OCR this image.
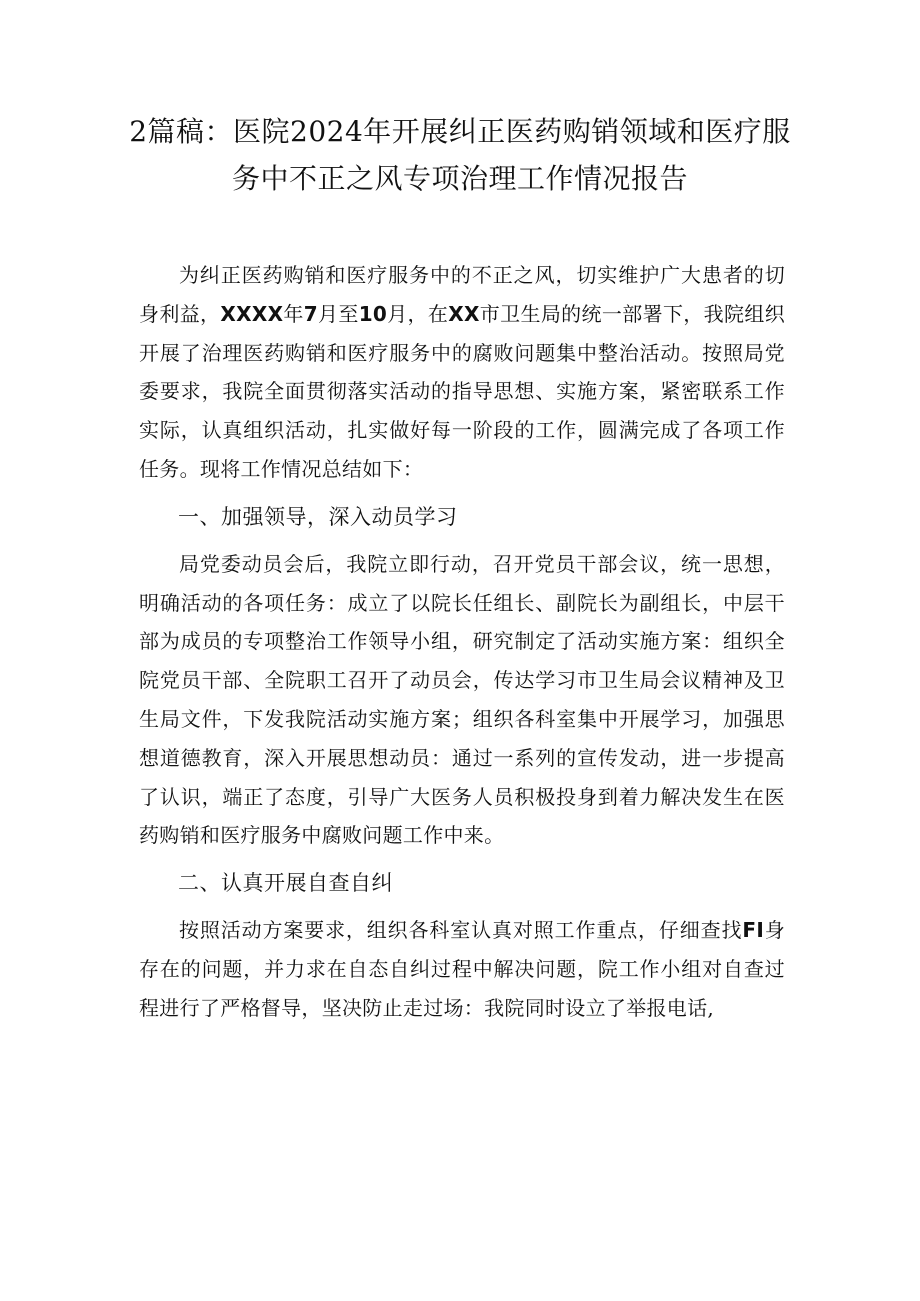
2篇稿：医院2024年开展纠正医药购销领域和医疗服务中不正之风专项治理工作情况报告

为纠正医药购销和医疗服务中的不正之风，切实维护广大患者的切身利益，XXXX年7月至10月，在XX市卫生局的统一部署下，我院组织开展了治理医药购销和医疗服务中的腐败问题集中整治活动。按照局党委要求，我院全面贯彻落实活动的指导思想、实施方案，紧密联系工作实际，认真组织活动，扎实做好每一阶段的工作，圆满完成了各项工作任务。现将工作情况总结如下：

一、加强领导，深入动员学习

局党委动员会后，我院立即行动，召开党员干部会议，统一思想，明确活动的各项任务：成立了以院长任组长、副院长为副组长，中层干部为成员的专项整治工作领导小组，研究制定了活动实施方案：组织全院党员干部、全院职工召开了动员会，传达学习市卫生局会议精神及卫生局文件，下发我院活动实施方案；组织各科室集中开展学习，加强思想道德教育，深入开展思想动员：通过一系列的宣传发动，进一步提高了认识，端正了态度，引导广大医务人员积极投身到着力解决发生在医药购销和医疗服务中腐败问题工作中来。

二、认真开展自查自纠

按照活动方案要求，组织各科室认真对照工作重点，仔细查找FI身存在的问题，并力求在自态自纠过程中解决问题，院工作小组对自查过程进行了严格督导，坚决防止走过场：我院同时设立了举报电话,
